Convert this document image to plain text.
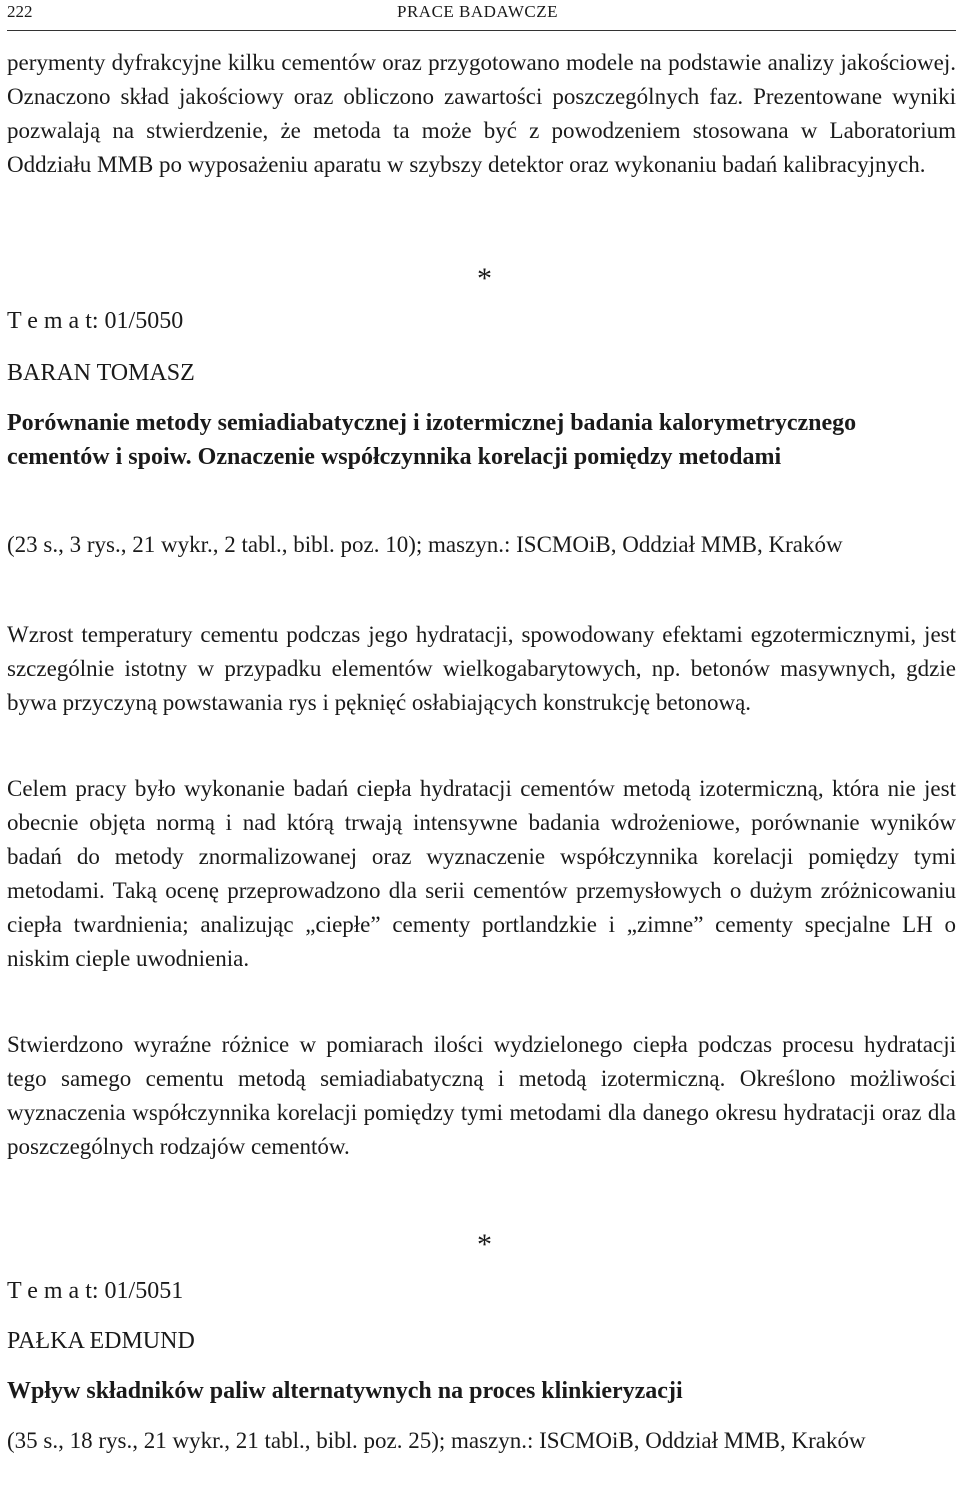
222	PRACE BADAWCZE

perymenty dyfrakcyjne kilku cementów oraz przygotowano modele na podstawie analizy jakościowej. Oznaczono skład jakościowy oraz obliczono zawartości poszczególnych faz. Prezentowane wyniki pozwalają na stwierdzenie, że metoda ta może być z powodzeniem stosowana w Laboratorium Oddziału MMB po wyposażeniu aparatu w szybszy detektor oraz wykonaniu badań kalibracyjnych.

*
T e m a t: 01/5050
BARAN TOMASZ
Porównanie metody semiadiabatycznej i izotermicznej badania kalorymetrycznego cementów i spoiw. Oznaczenie współczynnika korelacji pomiędzy metodami
(23 s., 3 rys., 21 wykr., 2 tabl., bibl. poz. 10); maszyn.: ISCMOiB, Oddział MMB, Kraków

Wzrost temperatury cementu podczas jego hydratacji, spowodowany efektami egzotermicznymi, jest szczególnie istotny w przypadku elementów wielkogabarytowych, np. betonów masywnych, gdzie bywa przyczyną powstawania rys i pęknięć osłabiających konstrukcję betonową.

Celem pracy było wykonanie badań ciepła hydratacji cementów metodą izotermiczną, która nie jest obecnie objęta normą i nad którą trwają intensywne badania wdrożeniowe, porównanie wyników badań do metody znormalizowanej oraz wyznaczenie współczynnika korelacji pomiędzy tymi metodami. Taką ocenę przeprowadzono dla serii cementów przemysłowych o dużym zróżnicowaniu ciepła twardnienia; analizując „ciepłe” cementy portlandzkie i „zimne” cementy specjalne LH o niskim cieple uwodnienia.

Stwierdzono wyraźne różnice w pomiarach ilości wydzielonego ciepła podczas procesu hydratacji tego samego cementu metodą semiadiabatyczną i metodą izotermiczną. Określono możliwości wyznaczenia współczynnika korelacji pomiędzy tymi metodami dla danego okresu hydratacji oraz dla poszczególnych rodzajów cementów.

*
T e m a t: 01/5051
PAŁKA EDMUND
Wpływ składników paliw alternatywnych na proces klinkieryzacji
(35 s., 18 rys., 21 wykr., 21 tabl., bibl. poz. 25); maszyn.: ISCMOiB, Oddział MMB, Kraków
